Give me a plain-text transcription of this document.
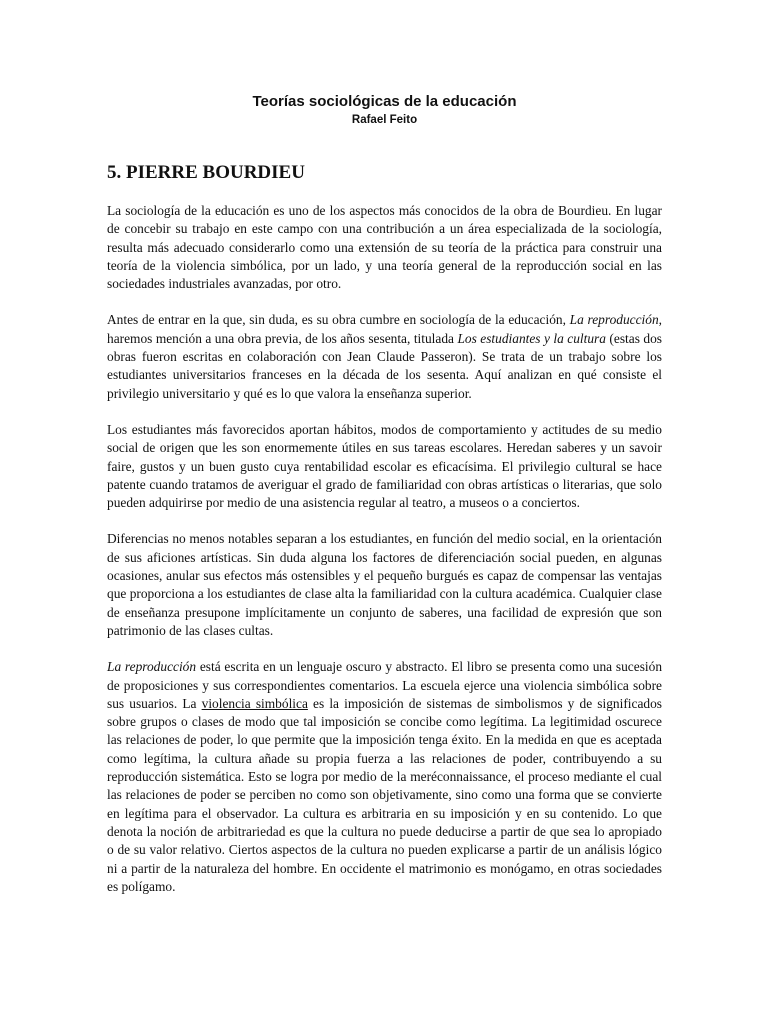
Teorías sociológicas de la educación
Rafael Feito
5. PIERRE BOURDIEU

La sociología de la educación es uno de los aspectos más conocidos de la obra de Bourdieu. En lugar de concebir su trabajo en este campo con una contribución a un área especializada de la sociología, resulta más adecuado considerarlo como una extensión de su teoría de la práctica para construir una teoría de la violencia simbólica, por un lado, y una teoría general de la reproducción social en las sociedades industriales avanzadas, por otro.

Antes de entrar en la que, sin duda, es su obra cumbre en sociología de la educación, La reproducción, haremos mención a una obra previa, de los años sesenta, titulada Los estudiantes y la cultura (estas dos obras fueron escritas en colaboración con Jean Claude Passeron). Se trata de un trabajo sobre los estudiantes universitarios franceses en la década de los sesenta. Aquí analizan en qué consiste el privilegio universitario y qué es lo que valora la enseñanza superior.

Los estudiantes más favorecidos aportan hábitos, modos de comportamiento y actitudes de su medio social de origen que les son enormemente útiles en sus tareas escolares. Heredan saberes y un savoir faire, gustos y un buen gusto cuya rentabilidad escolar es eficacísima. El privilegio cultural se hace patente cuando tratamos de averiguar el grado de familiaridad con obras artísticas o literarias, que solo pueden adquirirse por medio de una asistencia regular al teatro, a museos o a conciertos.

Diferencias no menos notables separan a los estudiantes, en función del medio social, en la orientación de sus aficiones artísticas. Sin duda alguna los factores de diferenciación social pueden, en algunas ocasiones, anular sus efectos más ostensibles y el pequeño burgués es capaz de compensar las ventajas que proporciona a los estudiantes de clase alta la familiaridad con la cultura académica. Cualquier clase de enseñanza presupone implícitamente un conjunto de saberes, una facilidad de expresión que son patrimonio de las clases cultas.

La reproducción está escrita en un lenguaje oscuro y abstracto. El libro se presenta como una sucesión de proposiciones y sus correspondientes comentarios. La escuela ejerce una violencia simbólica sobre sus usuarios. La violencia simbólica es la imposición de sistemas de simbolismos y de significados sobre grupos o clases de modo que tal imposición se concibe como legítima. La legitimidad oscurece las relaciones de poder, lo que permite que la imposición tenga éxito. En la medida en que es aceptada como legítima, la cultura añade su propia fuerza a las relaciones de poder, contribuyendo a su reproducción sistemática. Esto se logra por medio de la meréconnaissance, el proceso mediante el cual las relaciones de poder se perciben no como son objetivamente, sino como una forma que se convierte en legítima para el observador. La cultura es arbitraria en su imposición y en su contenido. Lo que denota la noción de arbitrariedad es que la cultura no puede deducirse a partir de que sea lo apropiado o de su valor relativo. Ciertos aspectos de la cultura no pueden explicarse a partir de un análisis lógico ni a partir de la naturaleza del hombre. En occidente el matrimonio es monógamo, en otras sociedades es polígamo.
